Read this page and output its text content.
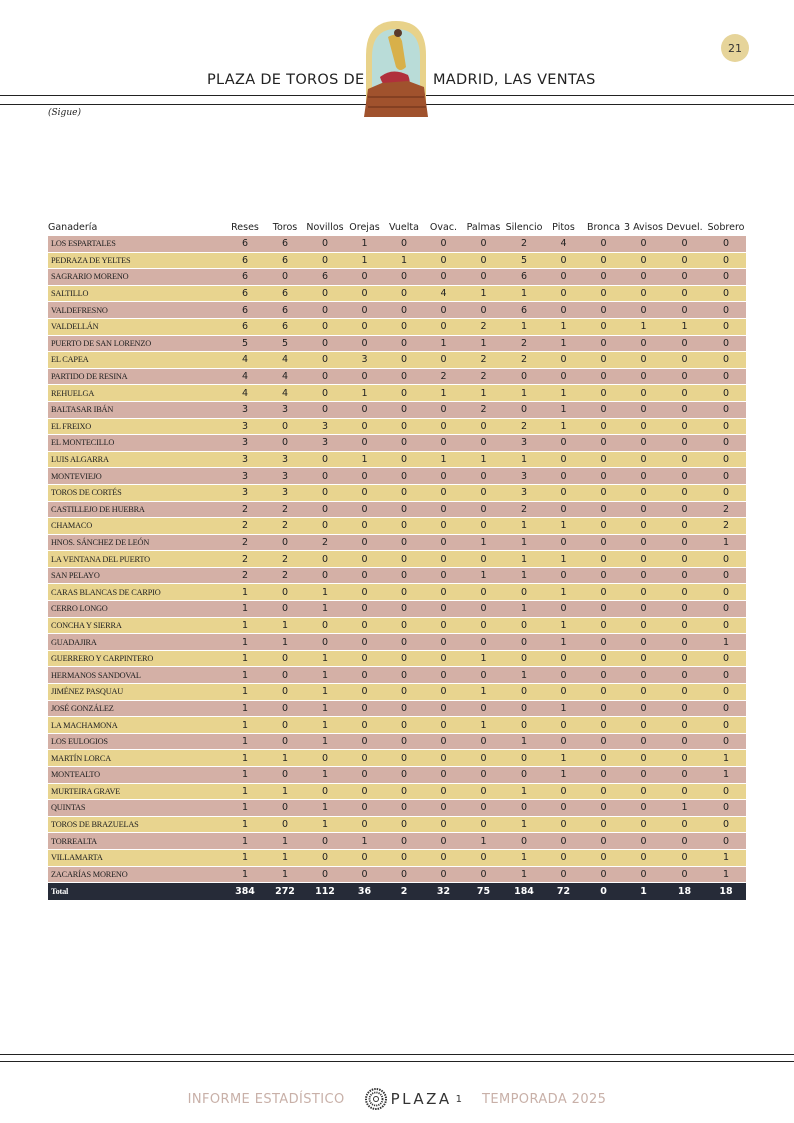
PLAZA DE TOROS DE	MADRID, LAS VENTAS
21
(Sigue)
Ganadería	Reses	Toros	Novillos	Orejas	Vuelta	Ovac.	Palmas	Silencio	Pitos	Bronca	3 Avisos	Devuel.	Sobrero
LOS ESPARTALES	6	6	0	1	0	0	0	2	4	0	0	0	0
PEDRAZA DE YELTES	6	6	0	1	1	0	0	5	0	0	0	0	0
SAGRARIO MORENO	6	0	6	0	0	0	0	6	0	0	0	0	0
SALTILLO	6	6	0	0	0	4	1	1	0	0	0	0	0
VALDEFRESNO	6	6	0	0	0	0	0	6	0	0	0	0	0
VALDELLÁN	6	6	0	0	0	0	2	1	1	0	1	1	0
PUERTO DE SAN LORENZO	5	5	0	0	0	1	1	2	1	0	0	0	0
EL CAPEA	4	4	0	3	0	0	2	2	0	0	0	0	0
PARTIDO DE RESINA	4	4	0	0	0	2	2	0	0	0	0	0	0
REHUELGA	4	4	0	1	0	1	1	1	1	0	0	0	0
BALTASAR IBÁN	3	3	0	0	0	0	2	0	1	0	0	0	0
EL FREIXO	3	0	3	0	0	0	0	2	1	0	0	0	0
EL MONTECILLO	3	0	3	0	0	0	0	3	0	0	0	0	0
LUIS ALGARRA	3	3	0	1	0	1	1	1	0	0	0	0	0
MONTEVIEJO	3	3	0	0	0	0	0	3	0	0	0	0	0
TOROS DE CORTÉS	3	3	0	0	0	0	0	3	0	0	0	0	0
CASTILLEJO DE HUEBRA	2	2	0	0	0	0	0	2	0	0	0	0	2
CHAMACO	2	2	0	0	0	0	0	1	1	0	0	0	2
HNOS. SÁNCHEZ DE LEÓN	2	0	2	0	0	0	1	1	0	0	0	0	1
LA VENTANA DEL PUERTO	2	2	0	0	0	0	0	1	1	0	0	0	0
SAN PELAYO	2	2	0	0	0	0	1	1	0	0	0	0	0
CARAS BLANCAS DE CARPIO	1	0	1	0	0	0	0	0	1	0	0	0	0
CERRO LONGO	1	0	1	0	0	0	0	1	0	0	0	0	0
CONCHA Y SIERRA	1	1	0	0	0	0	0	0	1	0	0	0	0
GUADAJIRA	1	1	0	0	0	0	0	0	1	0	0	0	1
GUERRERO Y CARPINTERO	1	0	1	0	0	0	1	0	0	0	0	0	0
HERMANOS SANDOVAL	1	0	1	0	0	0	0	1	0	0	0	0	0
JIMÉNEZ PASQUAU	1	0	1	0	0	0	1	0	0	0	0	0	0
JOSÉ GONZÁLEZ	1	0	1	0	0	0	0	0	1	0	0	0	0
LA MACHAMONA	1	0	1	0	0	0	1	0	0	0	0	0	0
LOS EULOGIOS	1	0	1	0	0	0	0	1	0	0	0	0	0
MARTÍN LORCA	1	1	0	0	0	0	0	0	1	0	0	0	1
MONTEALTO	1	0	1	0	0	0	0	0	1	0	0	0	1
MURTEIRA GRAVE	1	1	0	0	0	0	0	1	0	0	0	0	0
QUINTAS	1	0	1	0	0	0	0	0	0	0	0	1	0
TOROS DE BRAZUELAS	1	0	1	0	0	0	0	1	0	0	0	0	0
TORREALTA	1	1	0	1	0	0	1	0	0	0	0	0	0
VILLAMARTA	1	1	0	0	0	0	0	1	0	0	0	0	1
ZACARÍAS MORENO	1	1	0	0	0	0	0	1	0	0	0	0	1
Total	384	272	112	36	2	32	75	184	72	0	1	18	18
INFORME ESTADÍSTICO	PLAZA 1 TEMPORADA 2025
